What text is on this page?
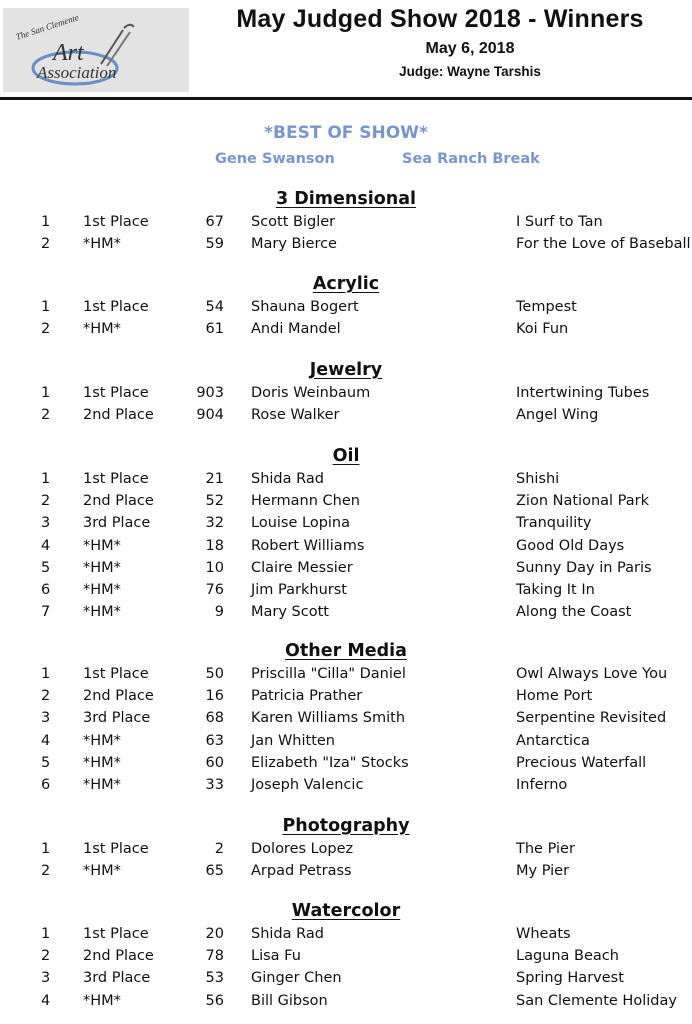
The San Clemente
Art
Association
May Judged Show 2018 - Winners
May 6, 2018
Judge: Wayne Tarshis
*BEST OF SHOW*
Gene Swanson	Sea Ranch Break
3 Dimensional
1 1st Place	67 Scott Bigler	I Surf to Tan
2 *HM*	59 Mary Bierce	For the Love of Baseball
Acrylic
1 1st Place	54 Shauna Bogert	Tempest
2 *HM*	61 Andi Mandel	Koi Fun
Jewelry
1 1st Place	903 Doris Weinbaum	Intertwining Tubes
2 2nd Place	904 Rose Walker	Angel Wing
Oil
1 1st Place	21 Shida Rad	Shishi
2 2nd Place	52 Hermann Chen	Zion National Park
3 3rd Place	32 Louise Lopina	Tranquility
4 *HM*	18 Robert Williams	Good Old Days
5 *HM*	10 Claire Messier	Sunny Day in Paris
6 *HM*	76 Jim Parkhurst	Taking It In
7 *HM*	9 Mary Scott	Along the Coast
Other Media
1 1st Place	50 Priscilla "Cilla" Daniel	Owl Always Love You
2 2nd Place	16 Patricia Prather	Home Port
3 3rd Place	68 Karen Williams Smith	Serpentine Revisited
4 *HM*	63 Jan Whitten	Antarctica
5 *HM*	60 Elizabeth "Iza" Stocks	Precious Waterfall
6 *HM*	33 Joseph Valencic	Inferno
Photography
1 1st Place	2 Dolores Lopez	The Pier
2 *HM*	65 Arpad Petrass	My Pier
Watercolor
1 1st Place	20 Shida Rad	Wheats
2 2nd Place	78 Lisa Fu	Laguna Beach
3 3rd Place	53 Ginger Chen	Spring Harvest
4 *HM*	56 Bill Gibson	San Clemente Holiday
